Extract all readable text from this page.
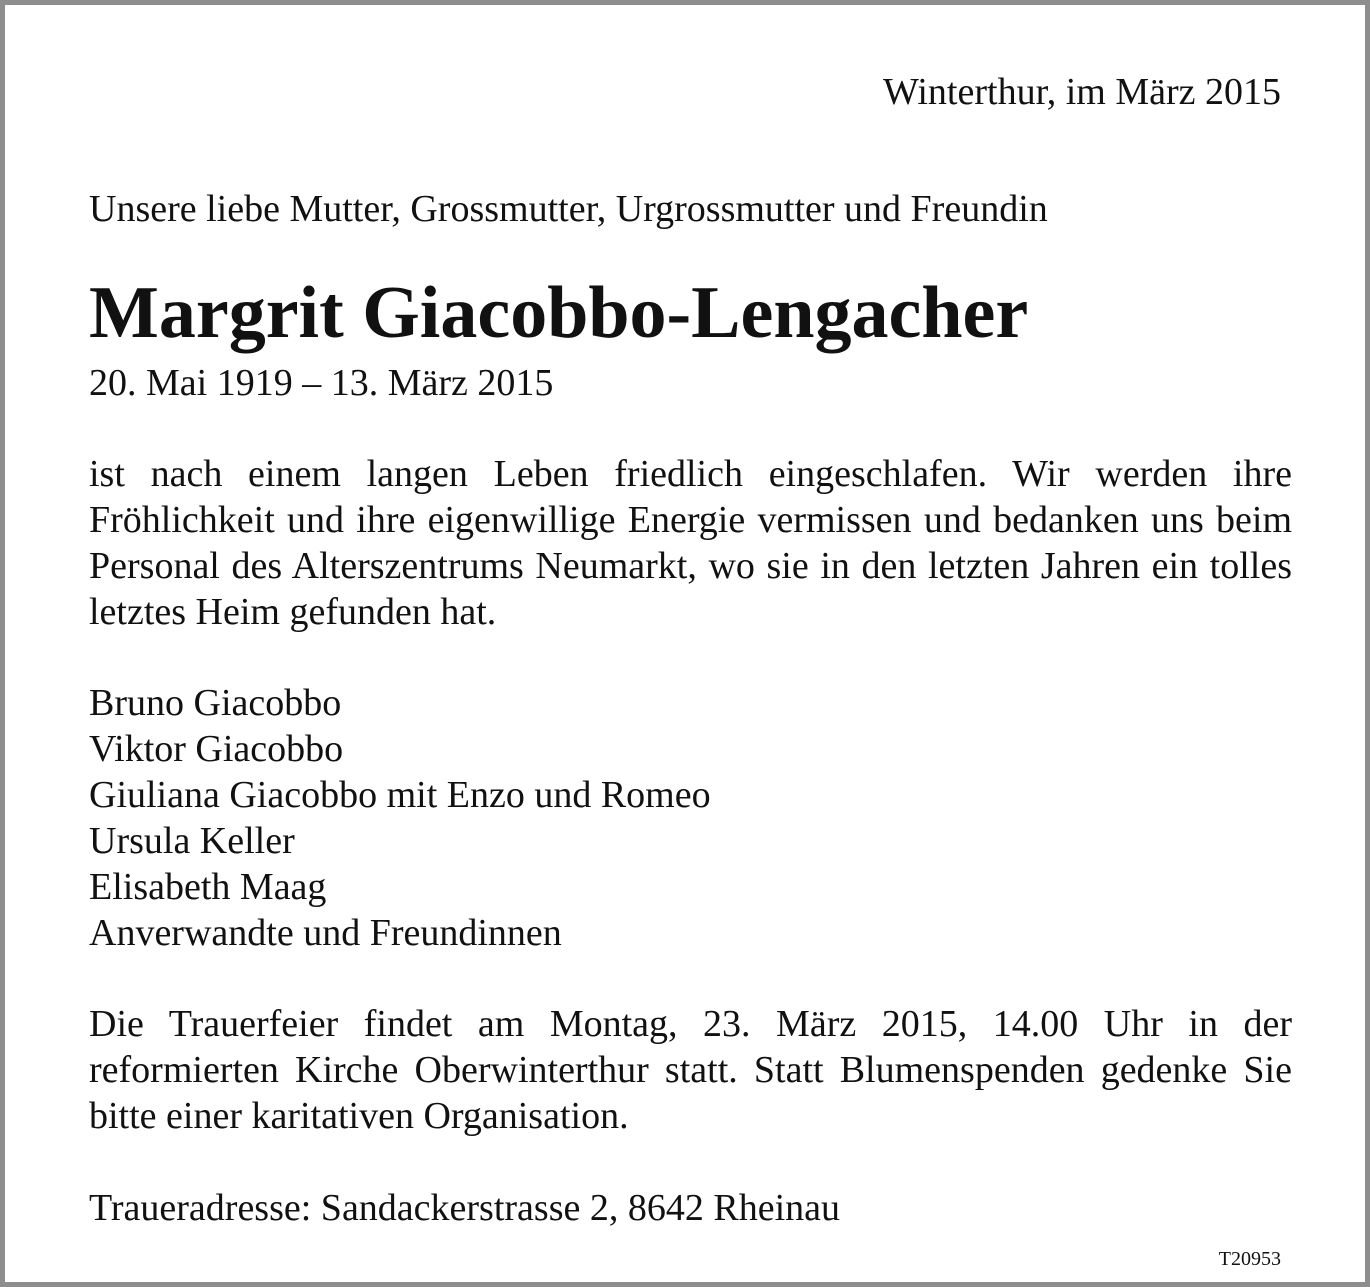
Winterthur, im März 2015
Unsere liebe Mutter, Grossmutter, Urgrossmutter und Freundin
Margrit Giacobbo-Lengacher
20. Mai 1919 – 13. März 2015

ist nach einem langen Leben friedlich eingeschlafen. Wir werden ihre Fröhlichkeit und ihre eigenwillige Energie vermissen und bedanken uns beim Personal des Alterszentrums Neumarkt, wo sie in den letzten Jahren ein tolles letztes Heim gefunden hat.

Bruno Giacobbo
Viktor Giacobbo
Giuliana Giacobbo mit Enzo und Romeo
Ursula Keller
Elisabeth Maag
Anverwandte und Freundinnen

Die Trauerfeier findet am Montag, 23. März 2015, 14.00 Uhr in der reformierten Kirche Oberwinterthur statt. Statt Blumenspenden gedenke Sie bitte einer karitativen Organisation.

Traueradresse: Sandackerstrasse 2, 8642 Rheinau
T20953
